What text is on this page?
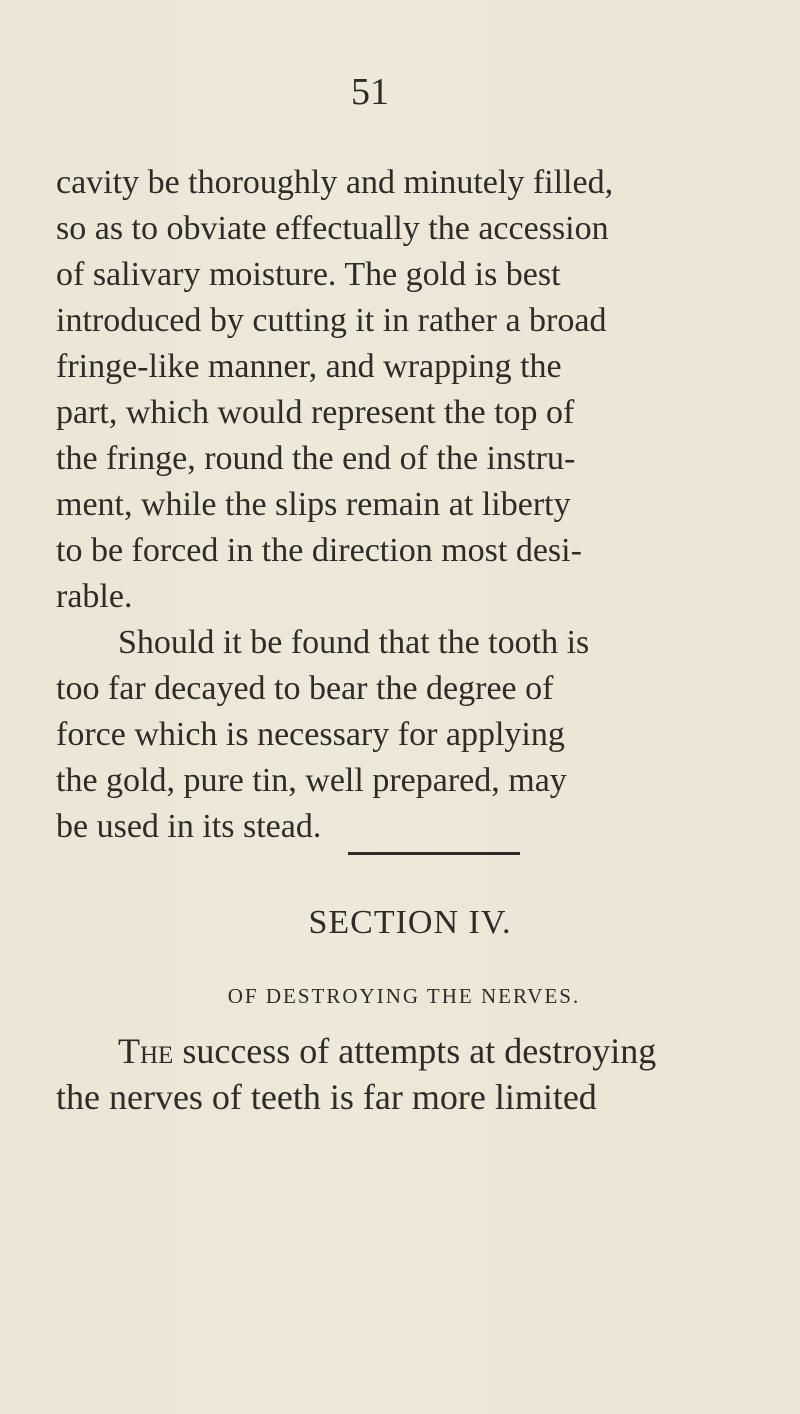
51
cavity be thoroughly and minutely filled,
so as to obviate effectually the accession
of salivary moisture. The gold is best
introduced by cutting it in rather a broad
fringe-like manner, and wrapping the
part, which would represent the top of
the fringe, round the end of the instru-
ment, while the slips remain at liberty
to be forced in the direction most desi-
rable.
Should it be found that the tooth is
too far decayed to bear the degree of
force which is necessary for applying
the gold, pure tin, well prepared, may
be used in its stead.
SECTION IV.
OF DESTROYING THE NERVES.
The success of attempts at destroying
the nerves of teeth is far more limited
